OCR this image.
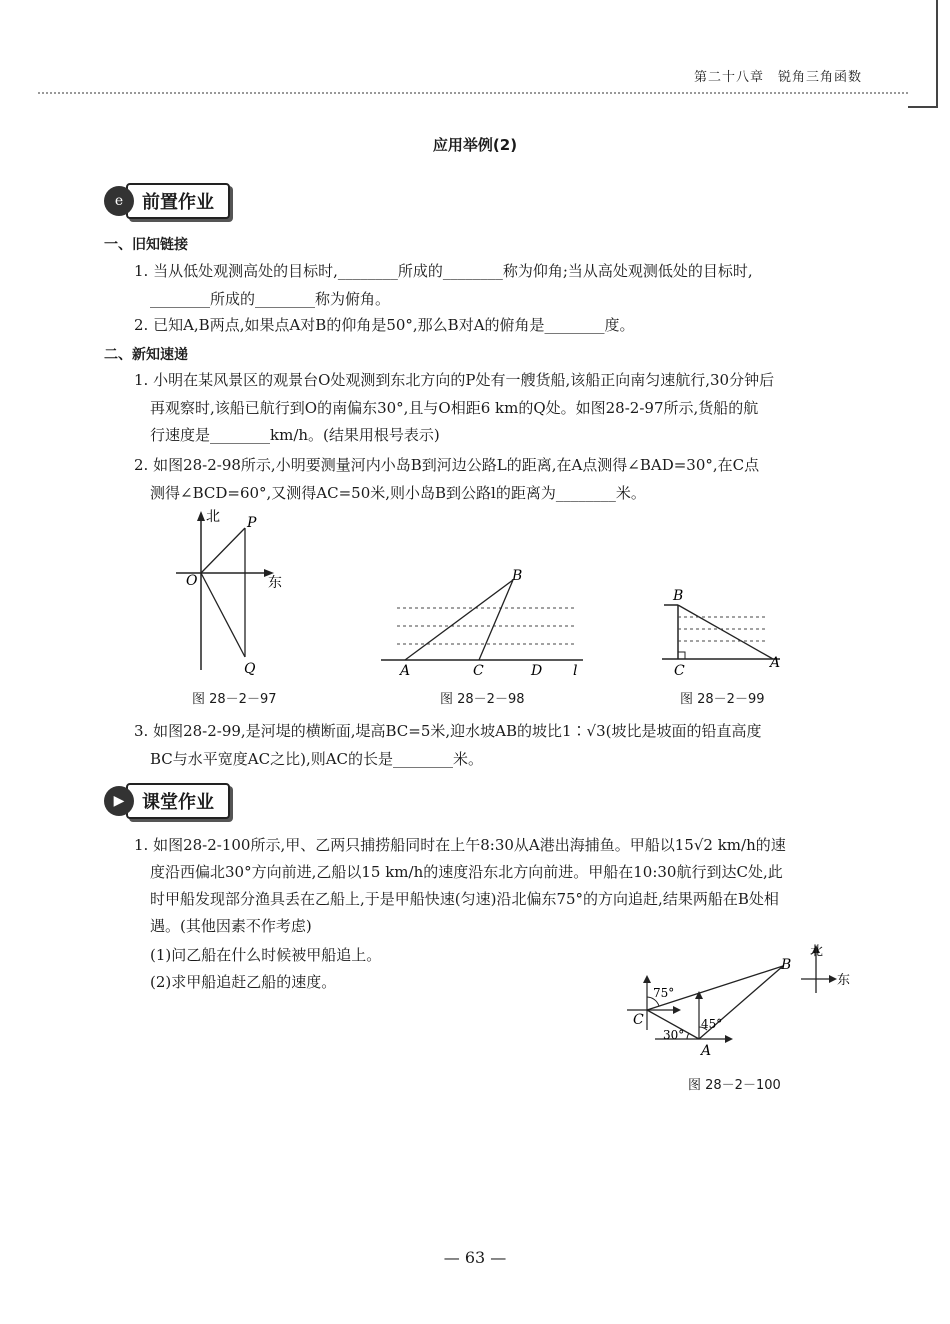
第二十八章　锐角三角函数
应用举例(2)
e	前置作业
一、旧知链接
1. 当从低处观测高处的目标时,________所成的________称为仰角;当从高处观测低处的目标时,
________所成的________称为俯角。
2. 已知A,B两点,如果点A对B的仰角是50°,那么B对A的俯角是________度。
二、新知速递
1. 小明在某风景区的观景台O处观测到东北方向的P处有一艘货船,该船正向南匀速航行,30分钟后
再观察时,该船已航行到O的南偏东30°,且与O相距6 km的Q处。如图28-2-97所示,货船的航
行速度是________km/h。(结果用根号表示)
2. 如图28-2-98所示,小明要测量河内小岛B到河边公路L的距离,在A点测得∠BAD=30°,在C点
测得∠BCD=60°,又测得AC=50米,则小岛B到公路l的距离为________米。
北
东
O
P
Q
图 28－2－97
B
A	C	D l
图 28－2－98
B
C	A
图 28－2－99
3. 如图28-2-99,是河堤的横断面,堤高BC=5米,迎水坡AB的坡比1∶√3(坡比是坡面的铅直高度
BC与水平宽度AC之比),则AC的长是________米。
▶ 课堂作业
1. 如图28-2-100所示,甲、乙两只捕捞船同时在上午8:30从A港出海捕鱼。甲船以15√2 km/h的速
度沿西偏北30°方向前进,乙船以15 km/h的速度沿东北方向前进。甲船在10:30航行到达C处,此
时甲船发现部分渔具丢在乙船上,于是甲船快速(匀速)沿北偏东75°的方向追赶,结果两船在B处相
遇。(其他因素不作考虑)
(1)问乙船在什么时候被甲船追上。
(2)求甲船追赶乙船的速度。
北
东
75°
45°
30°
B
C
A
图 28－2－100
— 63 —
